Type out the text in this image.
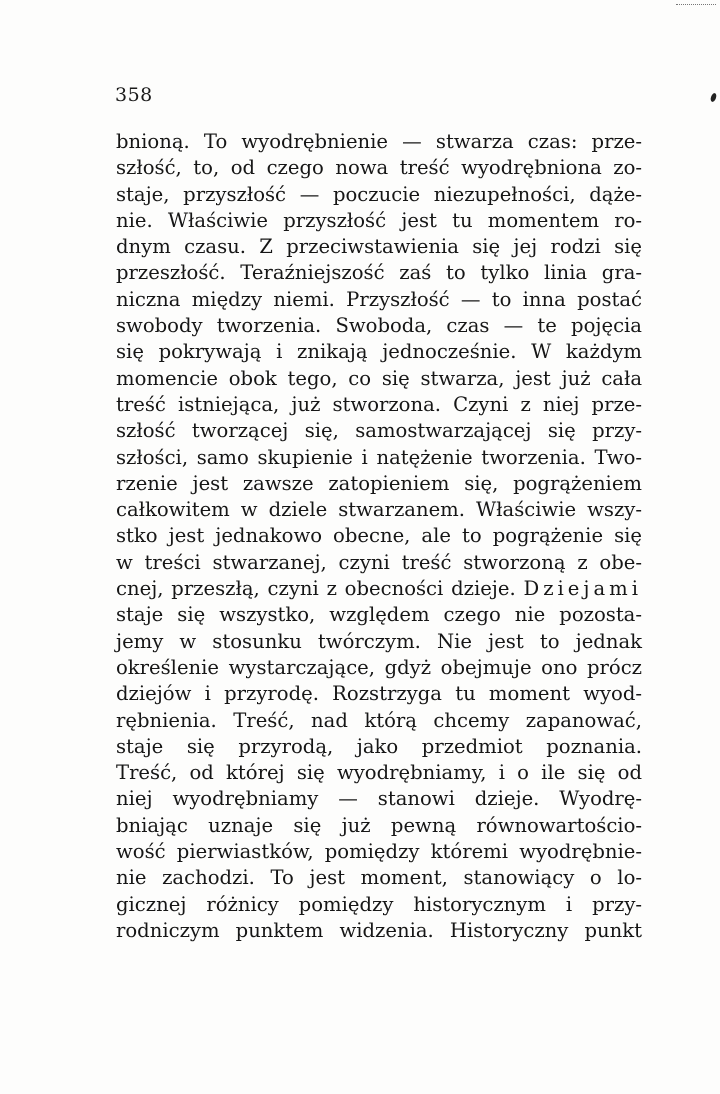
358
bnioną. To wyodrębnienie — stwarza czas: prze-
szłość, to, od czego nowa treść wyodrębniona zo-
staje, przyszłość — poczucie niezupełności, dąże-
nie. Właściwie przyszłość jest tu momentem ro-
dnym czasu. Z przeciwstawienia się jej rodzi się
przeszłość. Teraźniejszość zaś to tylko linia gra-
niczna między niemi. Przyszłość — to inna postać
swobody tworzenia. Swoboda, czas — te pojęcia
się pokrywają i znikają jednocześnie. W każdym
momencie obok tego, co się stwarza, jest już cała
treść istniejąca, już stworzona. Czyni z niej prze-
szłość tworzącej się, samostwarzającej się przy-
szłości, samo skupienie i natężenie tworzenia. Two-
rzenie jest zawsze zatopieniem się, pogrążeniem
całkowitem w dziele stwarzanem. Właściwie wszy-
stko jest jednakowo obecne, ale to pogrążenie się
w treści stwarzanej, czyni treść stworzoną z obe-
cnej, przeszłą, czyni z obecności dzieje. Dziejami
staje się wszystko, względem czego nie pozosta-
jemy w stosunku twórczym. Nie jest to jednak
określenie wystarczające, gdyż obejmuje ono prócz
dziejów i przyrodę. Rozstrzyga tu moment wyod-
rębnienia. Treść, nad którą chcemy zapanować,
staje się przyrodą, jako przedmiot poznania.
Treść, od której się wyodrębniamy, i o ile się od
niej wyodrębniamy — stanowi dzieje. Wyodrę-
bniając uznaje się już pewną równowartościo-
wość pierwiastków, pomiędzy któremi wyodrębnie-
nie zachodzi. To jest moment, stanowiący o lo-
gicznej różnicy pomiędzy historycznym i przy-
rodniczym punktem widzenia. Historyczny punkt
